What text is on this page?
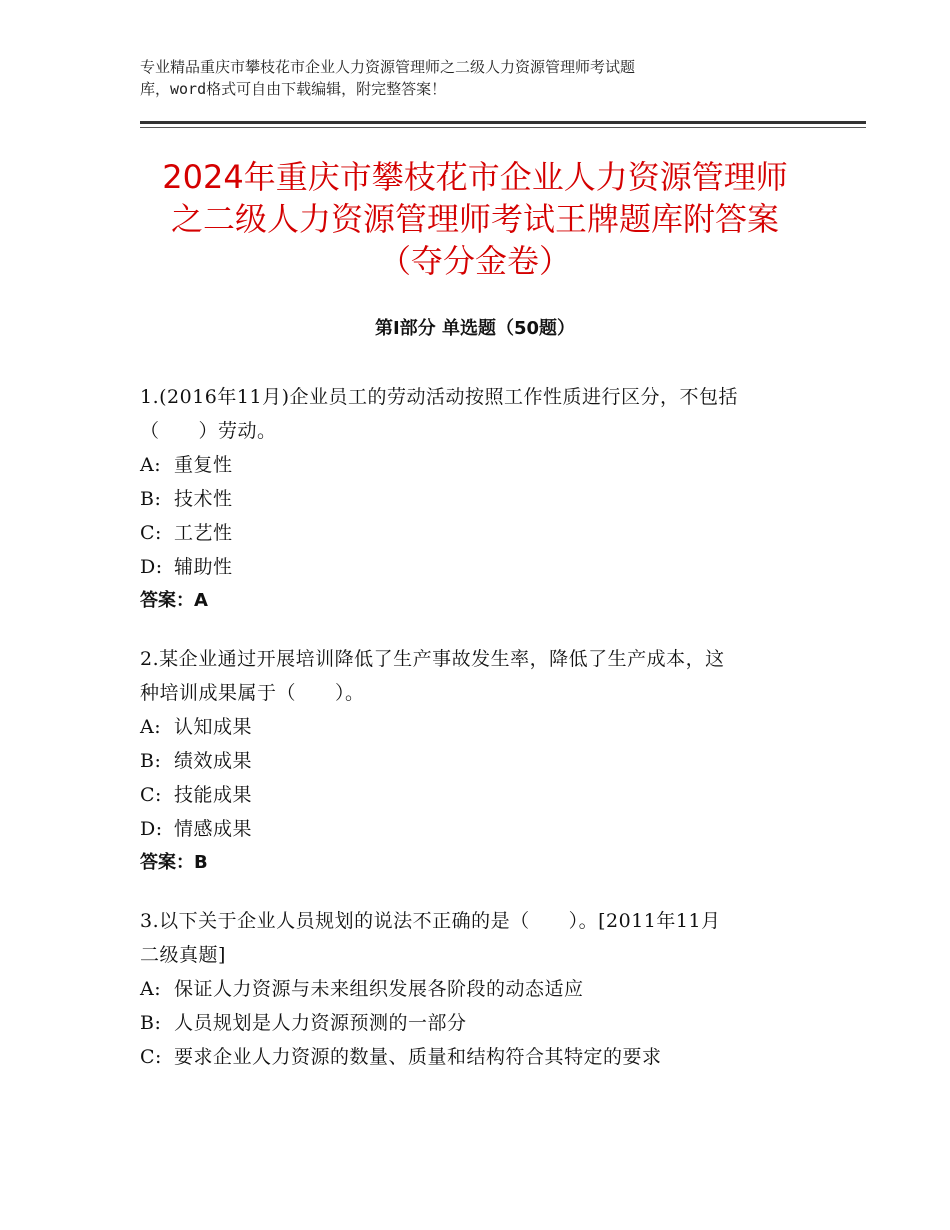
专业精品重庆市攀枝花市企业人力资源管理师之二级人力资源管理师考试题
库，word格式可自由下载编辑，附完整答案！
2024年重庆市攀枝花市企业人力资源管理师
之二级人力资源管理师考试王牌题库附答案
（夺分金卷）
第Ⅰ部分 单选题（50题）
1.(2016年11月)企业员工的劳动活动按照工作性质进行区分，不包括
（　　）劳动。
A: 重复性
B: 技术性
C: 工艺性
D: 辅助性
答案：A
2.某企业通过开展培训降低了生产事故发生率，降低了生产成本，这
种培训成果属于（　　）。
A: 认知成果
B: 绩效成果
C: 技能成果
D: 情感成果
答案：B
3.以下关于企业人员规划的说法不正确的是（　　）。[2011年11月
二级真题]
A: 保证人力资源与未来组织发展各阶段的动态适应
B: 人员规划是人力资源预测的一部分
C: 要求企业人力资源的数量、质量和结构符合其特定的要求
